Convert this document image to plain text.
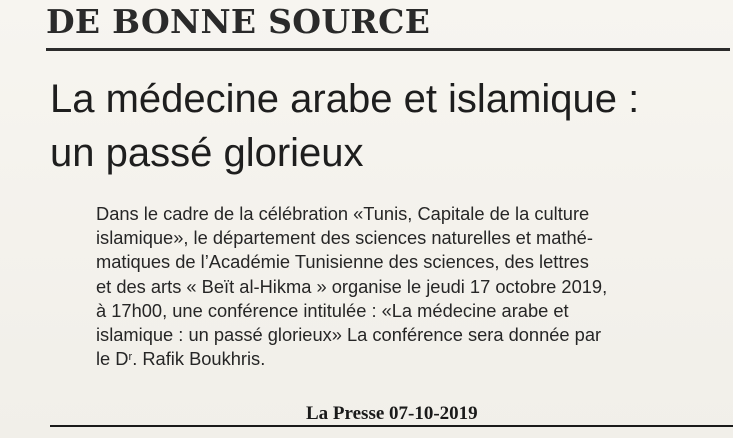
DE BONNE SOURCE
La médecine arabe et islamique :
un passé glorieux
Dans le cadre de la célébration «Tunis, Capitale de la culture
islamique», le département des sciences naturelles et mathé-
matiques de l’Académie Tunisienne des sciences, des lettres
et des arts « Beït al-Hikma » organise le jeudi 17 octobre 2019,
à 17h00, une conférence intitulée : «La médecine arabe et
islamique : un passé glorieux» La conférence sera donnée par
le $D^r$. Rafik Boukhris.
La Presse 07-10-2019
